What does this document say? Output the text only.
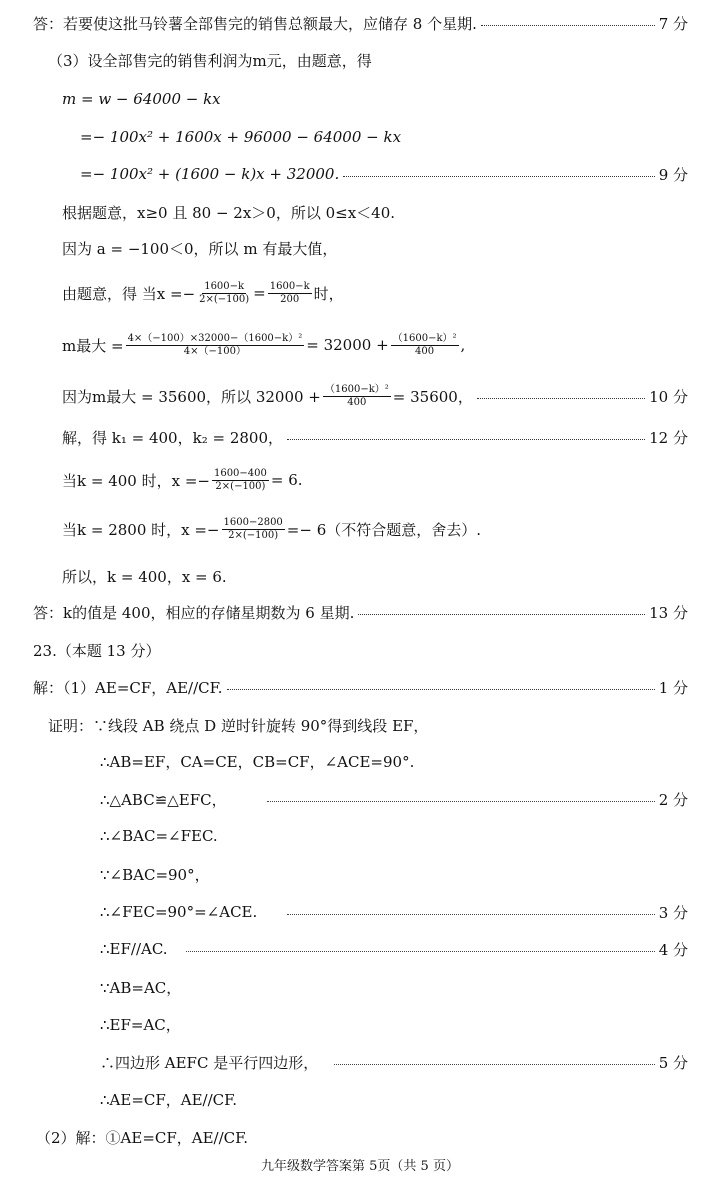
答：若要使这批马铃薯全部售完的销售总额最大，应储存 8 个星期.	7 分
（3）设全部售完的销售利润为m元，由题意，得
m = w − 64000 − kx
=− 100x² + 1600x + 96000 − 64000 − kx
=− 100x² + (1600 − k)x + 32000.	9 分
根据题意，x≥0 且 80 − 2x＞0，所以 0≤x＜40.
因为 a = −100＜0，所以 m 有最大值，
由题意，得 当$x =- \frac{1600-k}{2\times(-100)} = \frac{1600-k}{200}$ 时，
m最大 = $\frac{\text{4×（−100）×32000−（1600−k）²}}{4\times(-100)} = 32000 + \frac{\text{（1600−k）²}}{400}$ ,
因为m最大 = 35600，所以 $32000 + \frac{\text{（1600−k）²}}{400} = 35600$，	10 分
解，得 k₁ = 400，k₂ = 2800，	12 分
当k = 400 时，$x =- \frac{1600-400}{2\times(-100)} = 6$.
当k = 2800 时，$x =- \frac{1600-2800}{2\times(-100)} =- 6$（不符合题意，舍去）.
所以，k = 400，x = 6.
答：k的值是 400，相应的存储星期数为 6 星期.	13 分
23.（本题 13 分）
解：（1）AE=CF，AE//CF.	1 分
证明：∵线段 AB 绕点 D 逆时针旋转 90°得到线段 EF，
∴AB=EF，CA=CE，CB=CF，∠ACE=90°.
∴△ABC≌△EFC，	2 分
∴∠BAC=∠FEC.
∵∠BAC=90°，
∴∠FEC=90°=∠ACE.	3 分
∴EF//AC.	4 分
∵AB=AC，
∴EF=AC，
∴四边形 AEFC 是平行四边形，	5 分
∴AE=CF，AE//CF.
（2）解：①AE=CF，AE//CF.
九年级数学答案第 5页（共 5 页）
